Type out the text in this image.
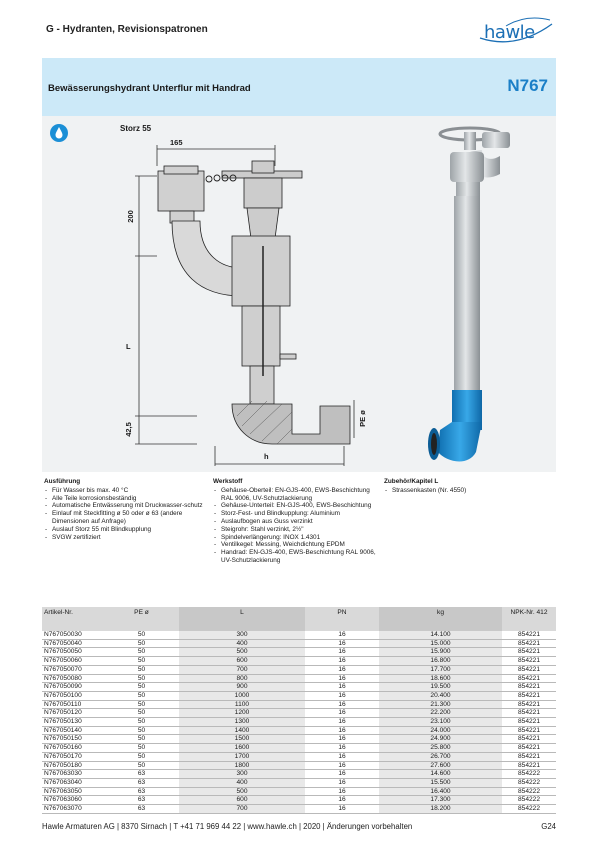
G - Hydranten, Revisionspatronen	hawle
Bewässerungshydrant Unterflur mit Handrad	N767
Storz 55
165
200
L
42,5
h
PE ø
Ausführung
- Für Wasser bis max. 40 °C
- Alle Teile korrosionsbeständig
- Automatische Entwässerung mit Druckwasser-schutz
- Einlauf mit Steckfitting ø 50 oder ø 63 (andere Dimensionen auf Anfrage)
- Auslauf Storz 55 mit Blindkupplung
- SVGW zertifiziert
Werkstoff
- Gehäuse-Oberteil: EN-GJS-400, EWS-Beschichtung RAL 9006, UV-Schutzlackierung
- Gehäuse-Unterteil: EN-GJS-400, EWS-Beschichtung
- Storz-Fest- und Blindkupplung: Aluminium
- Auslaufbogen aus Guss verzinkt
- Steigrohr: Stahl verzinkt, 2½"
- Spindelverlängerung: INOX 1.4301
- Ventilkegel: Messing, Weichdichtung EPDM
- Handrad: EN-GJS-400, EWS-Beschichtung RAL 9006, UV-Schutzlackierung
Zubehör/Kapitel L
- Strassenkasten (Nr. 4550)
Artikel-Nr.	PE ø	L	PN	kg	NPK-Nr. 412
N767050030	50	300	16	14.100	854221
N767050040	50	400	16	15.000	854221
N767050050	50	500	16	15.900	854221
N767050060	50	600	16	16.800	854221
N767050070	50	700	16	17.700	854221
N767050080	50	800	16	18.600	854221
N767050090	50	900	16	19.500	854221
N767050100	50	1000	16	20.400	854221
N767050110	50	1100	16	21.300	854221
N767050120	50	1200	16	22.200	854221
N767050130	50	1300	16	23.100	854221
N767050140	50	1400	16	24.000	854221
N767050150	50	1500	16	24.900	854221
N767050160	50	1600	16	25.800	854221
N767050170	50	1700	16	26.700	854221
N767050180	50	1800	16	27.600	854221
N767063030	63	300	16	14.600	854222
N767063040	63	400	16	15.500	854222
N767063050	63	500	16	16.400	854222
N767063060	63	600	16	17.300	854222
N767063070	63	700	16	18.200	854222
Hawle Armaturen AG | 8370 Sirnach | T +41 71 969 44 22 | www.hawle.ch | 2020 | Änderungen vorbehalten	G24
